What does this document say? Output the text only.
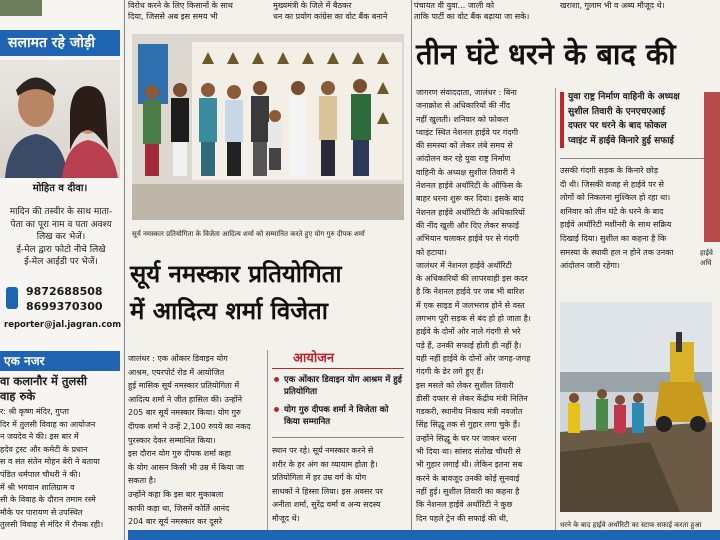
सलामत रहे जोड़ी
मोहित व दीवा।
मादिन की तस्वीर के साथ माता-
पेता का पूरा नाम व पता अवश्य
लिख कर भेजें।
ई-मेल द्वारा फोटो नीचे लिखे
ई-मेल आईडी पर भेजें।
9872688508
8699370300
reporter@jal.jagran.com
एक नजर
वा कलानौर में तुलसी
वाह रुके
र: श्री कृष्ण मंदिर, गुप्ता
दिर में तुलसी विवाह का आयोजन
न जयदेव ने की। इस बार में
हदेव ट्रस्ट और कमेटी के प्रधान
स व संत संतेन मोहन बेरी ने बताया
पंडित धर्मपाल चौधरी ने की।
में श्री भगवान शालिग्राम व
सी के विवाह के दौरान तमाम रस्मे
मौके पर पारायण से उपस्थित
तुलसी विवाह से मंदिर में रौनक रही।
विरोध करने के लिए किसानों के साथ
दिया, जिससे अब इस समय भी
मुख्यमंत्री के जिले में बैठकर
धन का प्रयोग कांग्रेस का वोट बैंक बनाने
सूर्य नमस्कार प्रतियोगिता के विजेता आदित्य शर्मा को सम्मानित करते हुए योग गुरु दीपक शर्मा
सूर्य नमस्कार प्रतियोगिता
में आदित्य शर्मा विजेता
जालंधर : एक ओंकार डिवाइन योग
आश्रम, एयरपोर्ट रोड में आयोजित
हुई मासिक सूर्य नमस्कार प्रतियोगिता में
आदित्य शर्मा ने जीत हासिल की। उन्होंने
205 बार सूर्य नमस्कार किया। योग गुरु
दीपक शर्मा ने उन्हें 2,100 रुपये का नकद
पुरस्कार देकर सम्मानित किया।
इस दौरान योग गुरु दीपक शर्मा कहा
के योग आसन किसी भी उम्र में किया जा
सकता है।
उन्होंने कहा कि इस बार मुकाबला
काफी कड़ा था, जिसमें कोर्ति आनंद
204 बार सूर्य नमस्कार कर दूसरे
आयोजन
एक ओंकार डिवाइन योग आश्रम में हुई प्रतियोगिता
योग गुरु दीपक शर्मा ने विजेता को किया सम्मानित
स्थान पर रहे। सूर्य नमस्कार करने से
शरीर के हर अंग का व्यायाम होता है।
प्रतियोगिता में हर उम्र वर्ग के योग
साधकों ने हिस्सा लिया। इस अवसर पर
अनीता शर्मा, सुरेंद्र वर्मा व अन्य सदस्य
मौजूद थे।
पंचायत वी युवा... जाली को
ताकि पार्टी का वोट बैंक बढ़ाया जा सके।
खराशा, गुलाम भी व अब्य मौजूद थे।
तीन घंटे धरने के बाद की
जागरण संवाददाता, जालंधर : बिना
जनाक्रोश से अधिकारियों की नींद
नहीं खुलती। शनिवार को फोकल
प्वाइंट स्थित नेशनल हाईवे पर गंदगी
की समस्या को लेकर लंबे समय से
आंदोलन कर रहे युवा राष्ट्र निर्माण
वाहिनी के अध्यक्ष सुशील तिवारी ने
नेशनल हाईवे अथॉरिटी के ऑफिस के
बाहर धरना शुरू कर दिया। इसके बाद
नेशनल हाईवे अथॉरिटी के अधिकारियों
की नींद खुली और दिए लेकर सफाई
अभियान चलाकर हाईवे पर से गंदगी
को हटाया।
जालंधर में नेशनल हाईवे अथॉरिटी
के अधिकारियों की लापरवाही इस कदर
है कि नेशनल हाईवे पर जब भी बारिश
में एक साइड में जलभराव होने से वस्त
लगभग पूरी सड़क से बंद हो हो जाता है।
हाईवे के दोनों ओर नाले गंदगी से भरे
पड़े हैं, उनकी सफाई होती ही नहीं है।
यही नहीं हाईवे के दोनों ओर जगह-जगह
गंदगी के ढेर लगे हुए हैं।
इस मसले को लेकर सुशील तिवारी
डीसी दफ्तर से लेकर केंद्रीय मंत्री नितिन
गडकरी, स्थानीय निकाय मंत्री नवजोत
सिंह सिद्धू तक से गुहार लगा चुके हैं।
उन्होंने सिद्धू के घर पर जाकर धरना
भी दिया था। सांसद संतोख चौधरी से
भी गुहार लगाई थी। लेकिन इतना सब
करने के बावजूद उनकी कोई सुनवाई
नहीं हुई। सुशील तिवारी का कहना है
कि नेशनल हाईवे अथॉरिटी ने कुछ
दिन पहले ट्रेन की सफाई की थी,
युवा राष्ट्र निर्माण वाहिनी के अध्यक्ष
सुशील तिवारी के एनएचएआई
दफ्तर पर धरने के बाद फोकल
प्वाइंट में हाईवे किनारे हुई सफाई
उसकी गंदगी सड़क के किनारे छोड़
दी थी। जिसकी वजह से हाईवे पर से
लोगों को निकलना मुश्किल हो रहा था।
शनिवार को तीन घंटे के धरने के बाद
हाईवे अथॉरिटी मशीनरी के साथ सक्रिय
दिखाई दिया। सुशील का कहना है कि
समस्या के स्थायी हल न होने तक उनका
आंदोलन जारी रहेगा।
धरने के बाद हाईवे अथॉरिटी का स्टाफ सफाई करता हुआ
हाईवे
अधि
